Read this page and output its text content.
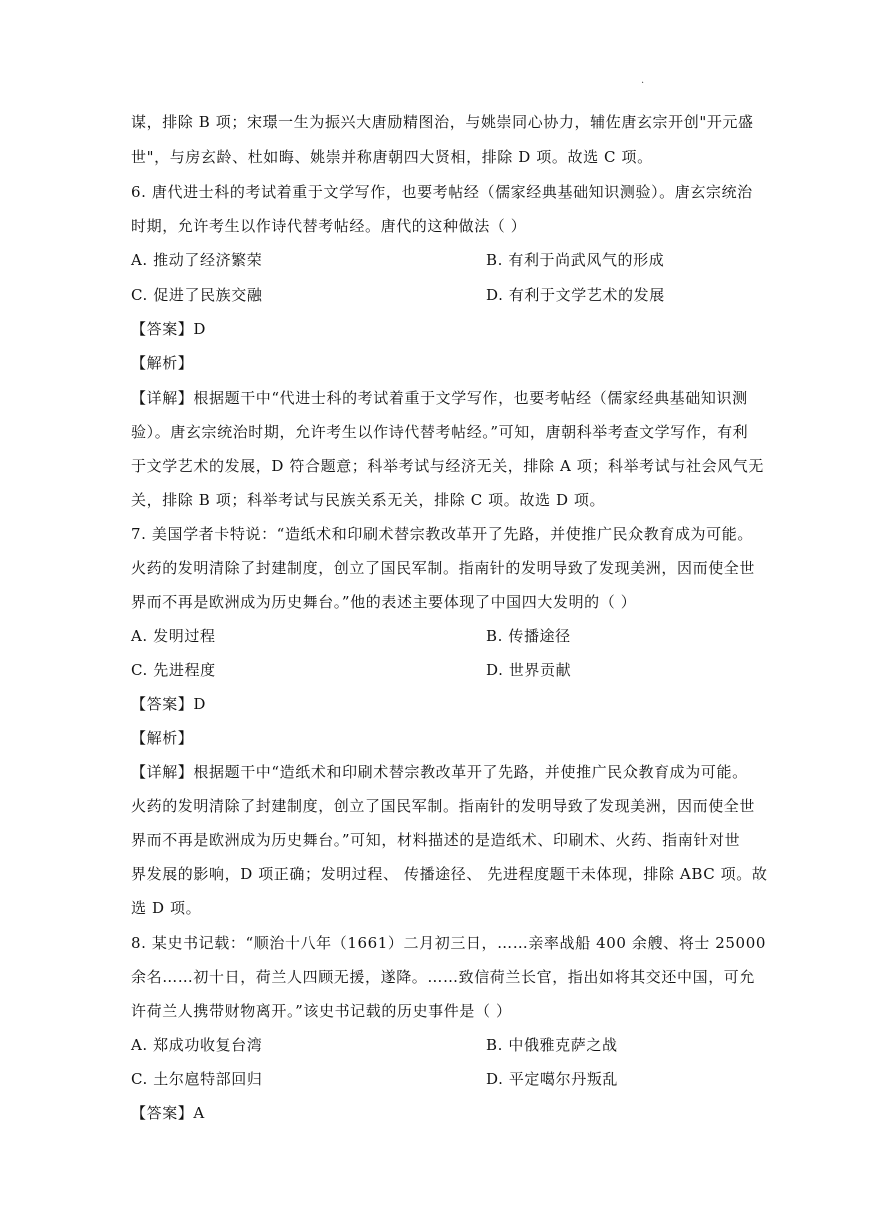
·
谋，排除 B 项；宋璟一生为振兴大唐励精图治，与姚崇同心协力，辅佐唐玄宗开创"开元盛
世"，与房玄龄、杜如晦、姚崇并称唐朝四大贤相，排除 D 项。故选 C 项。
6. 唐代进士科的考试着重于文学写作，也要考帖经（儒家经典基础知识测验）。唐玄宗统治
时期，允许考生以作诗代替考帖经。唐代的这种做法（ ）
A. 推动了经济繁荣	B. 有利于尚武风气的形成
C. 促进了民族交融	D. 有利于文学艺术的发展
【答案】D
【解析】
【详解】根据题干中“代进士科的考试着重于文学写作，也要考帖经（儒家经典基础知识测
验）。唐玄宗统治时期，允许考生以作诗代替考帖经。”可知，唐朝科举考查文学写作，有利
于文学艺术的发展，D 符合题意；科举考试与经济无关，排除 A 项；科举考试与社会风气无
关，排除 B 项；科举考试与民族关系无关，排除 C 项。故选 D 项。
7. 美国学者卡特说：“造纸术和印刷术替宗教改革开了先路，并使推广民众教育成为可能。
火药的发明清除了封建制度，创立了国民军制。指南针的发明导致了发现美洲，因而使全世
界而不再是欧洲成为历史舞台。”他的表述主要体现了中国四大发明的（ ）
A. 发明过程	B. 传播途径
C. 先进程度	D. 世界贡献
【答案】D
【解析】
【详解】根据题干中“造纸术和印刷术替宗教改革开了先路，并使推广民众教育成为可能。
火药的发明清除了封建制度，创立了国民军制。指南针的发明导致了发现美洲，因而使全世
界而不再是欧洲成为历史舞台。”可知，材料描述的是造纸术、印刷术、火药、指南针对世
界发展的影响，D 项正确；发明过程、 传播途径、 先进程度题干未体现，排除 ABC 项。故
选 D 项。
8. 某史书记载：“顺治十八年（1661）二月初三日，……亲率战船 400 余艘、将士 25000
余名……初十日，荷兰人四顾无援，遂降。……致信荷兰长官，指出如将其交还中国，可允
许荷兰人携带财物离开。”该史书记载的历史事件是（ ）
A. 郑成功收复台湾	B. 中俄雅克萨之战
C. 土尔扈特部回归	D. 平定噶尔丹叛乱
【答案】A
